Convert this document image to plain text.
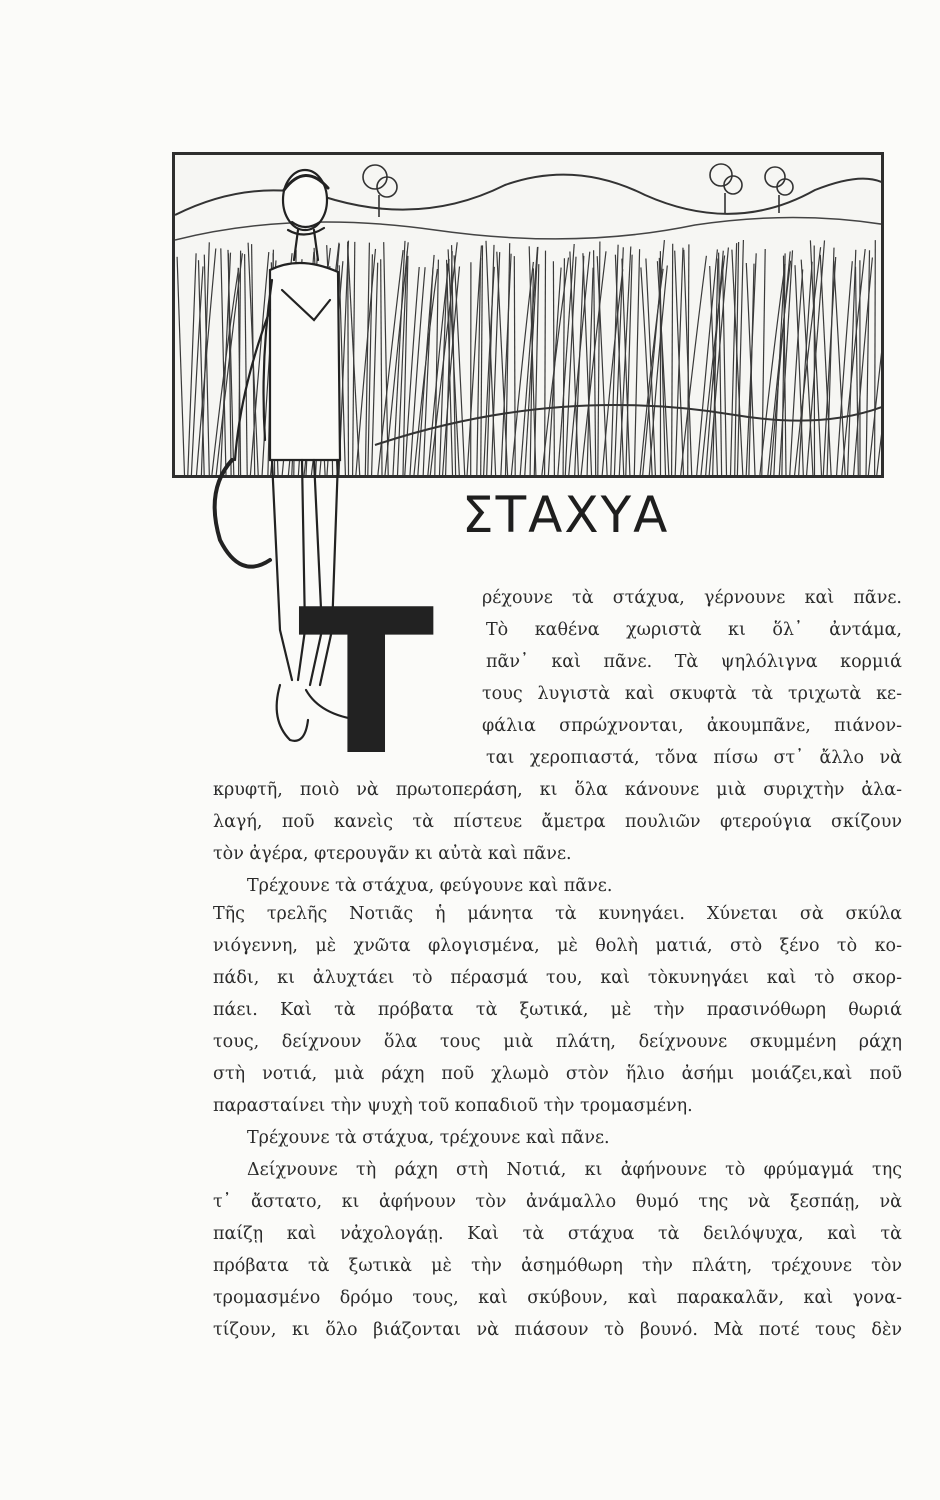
ΣΤΑΧΥΑ
Τ	ρέχουνε τὰ στάχυα, γέρνουνε καὶ πᾶνε.

Τὸ καθένα χωριστὰ κι ὅλ᾽ ἀντάμα,

πᾶν᾽ καὶ πᾶνε. Τὰ ψηλόλιγνα κορμιά

τους λυγιστὰ καὶ σκυφτὰ τὰ τριχωτὰ κε-

φάλια σπρώχνονται, ἀκουμπᾶνε, πιάνον-

ται χεροπιαστά, τὄνα πίσω στ᾽ ἄλλο νὰ

κρυφτῆ, ποιὸ νὰ πρωτοπεράση, κι ὅλα κάνουνε μιὰ συριχτὴν ἀλα-

λαγή, ποῦ κανεὶς τὰ πίστευε ἄμετρα πουλιῶν φτερούγια σκίζουν

τὸν ἀγέρα, φτερουγᾶν κι αὐτὰ καὶ πᾶνε.

Τρέχουνε τὰ στάχυα, φεύγουνε καὶ πᾶνε.

Τῆς τρελῆς Νοτιᾶς ἡ μάνητα τὰ κυνηγάει. Χύνεται σὰ σκύλα

νιόγεννη, μὲ χνῶτα φλογισμένα, μὲ θολὴ ματιά, στὸ ξένο τὸ κο-

πάδι, κι ἀλυχτάει τὸ πέρασμά του, καὶ τὸκυνηγάει καὶ τὸ σκορ-

πάει. Καὶ τὰ πρόβατα τὰ ξωτικά, μὲ τὴν πρασινόθωρη θωριά

τους, δείχνουν ὅλα τους μιὰ πλάτη, δείχνουνε σκυμμένη ράχη

στὴ νοτιά, μιὰ ράχη ποῦ χλωμὸ στὸν ἥλιο ἀσήμι μοιάζει,καὶ ποῦ

παρασταίνει τὴν ψυχὴ τοῦ κοπαδιοῦ τὴν τρομασμένη.

Τρέχουνε τὰ στάχυα, τρέχουνε καὶ πᾶνε.

Δείχνουνε τὴ ράχη στὴ Νοτιά, κι ἀφήνουνε τὸ φρύμαγμά της

τ᾽ ἄστατο, κι ἀφήνουν τὸν ἀνάμαλλο θυμό της νὰ ξεσπάῃ, νὰ

παίζῃ καὶ νἀχολογάῃ. Καὶ τὰ στάχυα τὰ δειλόψυχα, καὶ τὰ

πρόβατα τὰ ξωτικὰ μὲ τὴν ἀσημόθωρη τὴν πλάτη, τρέχουνε τὸν

τρομασμένο δρόμο τους, καὶ σκύβουν, καὶ παρακαλᾶν, καὶ γονα-

τίζουν, κι ὅλο βιάζονται νὰ πιάσουν τὸ βουνό. Μὰ ποτέ τους δὲν
